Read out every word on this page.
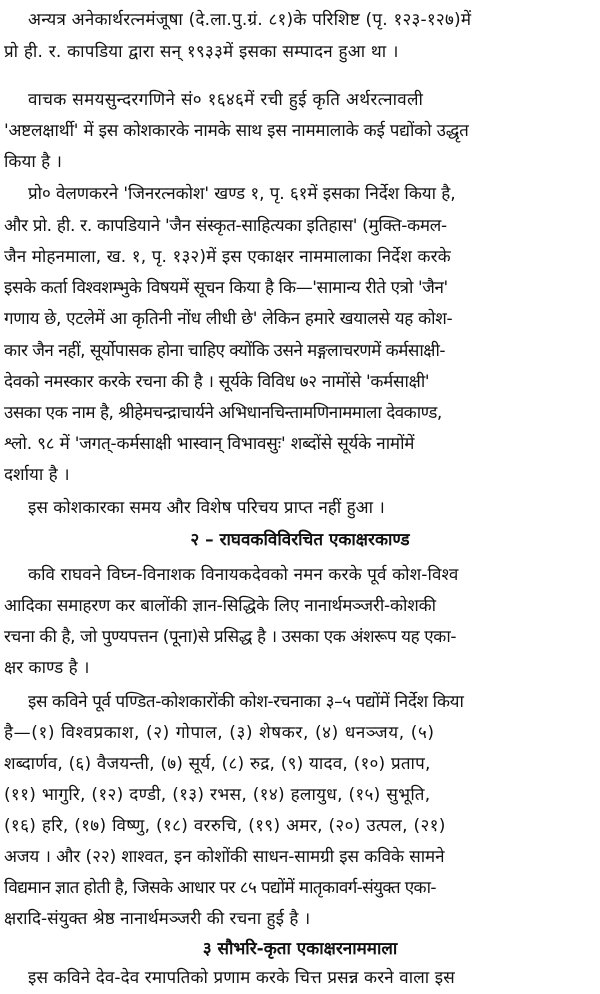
अन्यत्र अनेकार्थरत्नमंजूषा (दे.ला.पु.ग्रं. ८१)के परिशिष्ट (पृ. १२३-१२७)में
प्रो ही. र. कापडिया द्वारा सन् १९३३में इसका सम्पादन हुआ था ।
वाचक समयसुन्दरगणिने सं० १६४६में रची हुई कृति अर्थरत्नावली
'अष्टलक्षार्थी' में इस कोशकारके नामके साथ इस नाममालाके कई पद्योंको उद्धृत
किया है ।
प्रो० वेलणकरने 'जिनरत्नकोश' खण्ड १, पृ. ६१में इसका निर्देश किया है,
और प्रो. ही. र. कापडियाने 'जैन संस्कृत-साहित्यका इतिहास' (मुक्ति-कमल-
जैन मोहनमाला, ख. १, पृ. १३२)में इस एकाक्षर नाममालाका निर्देश करके
इसके कर्ता विश्वशम्भुके विषयमें सूचन किया है कि—'सामान्य रीते एत्रो 'जैन'
गणाय छे, एटलेमें आ कृतिनी नोंध लीधी छे' लेकिन हमारे खयालसे यह कोश-
कार जैन नहीं, सूर्योपासक होना चाहिए क्योंकि उसने मङ्गलाचरणमें कर्मसाक्षी-
देवको नमस्कार करके रचना की है । सूर्यके विविध ७२ नामोंसे 'कर्मसाक्षी'
उसका एक नाम है, श्रीहेमचन्द्राचार्यने अभिधानचिन्तामणिनाममाला देवकाण्ड,
श्लो. ९८ में 'जगत्-कर्मसाक्षी भास्वान् विभावसुः' शब्दोंसे सूर्यके नामोंमें
दर्शाया है ।
इस कोशकारका समय और विशेष परिचय प्राप्त नहीं हुआ ।
२ – राघवकविविरचित एकाक्षरकाण्ड
कवि राघवने विघ्न-विनाशक विनायकदेवको नमन करके पूर्व कोश-विश्व
आदिका समाहरण कर बालोंकी ज्ञान-सिद्धिके लिए नानार्थमञ्जरी-कोशकी
रचना की है, जो पुण्यपत्तन (पूना)से प्रसिद्ध है । उसका एक अंशरूप यह एका-
क्षर काण्ड है ।
इस कविने पूर्व पण्डित-कोशकारोंकी कोश-रचनाका ३–५ पद्योंमें निर्देश किया
है—(१) विश्वप्रकाश, (२) गोपाल, (३) शेषकर, (४) धनञ्जय, (५)
शब्दार्णव, (६) वैजयन्ती, (७) सूर्य, (८) रुद्र, (९) यादव, (१०) प्रताप,
(११) भागुरि, (१२) दण्डी, (१३) रभस, (१४) हलायुध, (१५) सुभूति,
(१६) हरि, (१७) विष्णु, (१८) वररुचि, (१९) अमर, (२०) उत्पल, (२१)
अजय । और (२२) शाश्वत, इन कोशोंकी साधन-सामग्री इस कविके सामने
विद्यमान ज्ञात होती है, जिसके आधार पर ८५ पद्योंमें मातृकावर्ग-संयुक्त एका-
क्षरादि-संयुक्त श्रेष्ठ नानार्थमञ्जरी की रचना हुई है ।
३ सौभरि-कृता एकाक्षरनाममाला
इस कविने देव-देव रमापतिको प्रणाम करके चित्त प्रसन्न करने वाला इस
